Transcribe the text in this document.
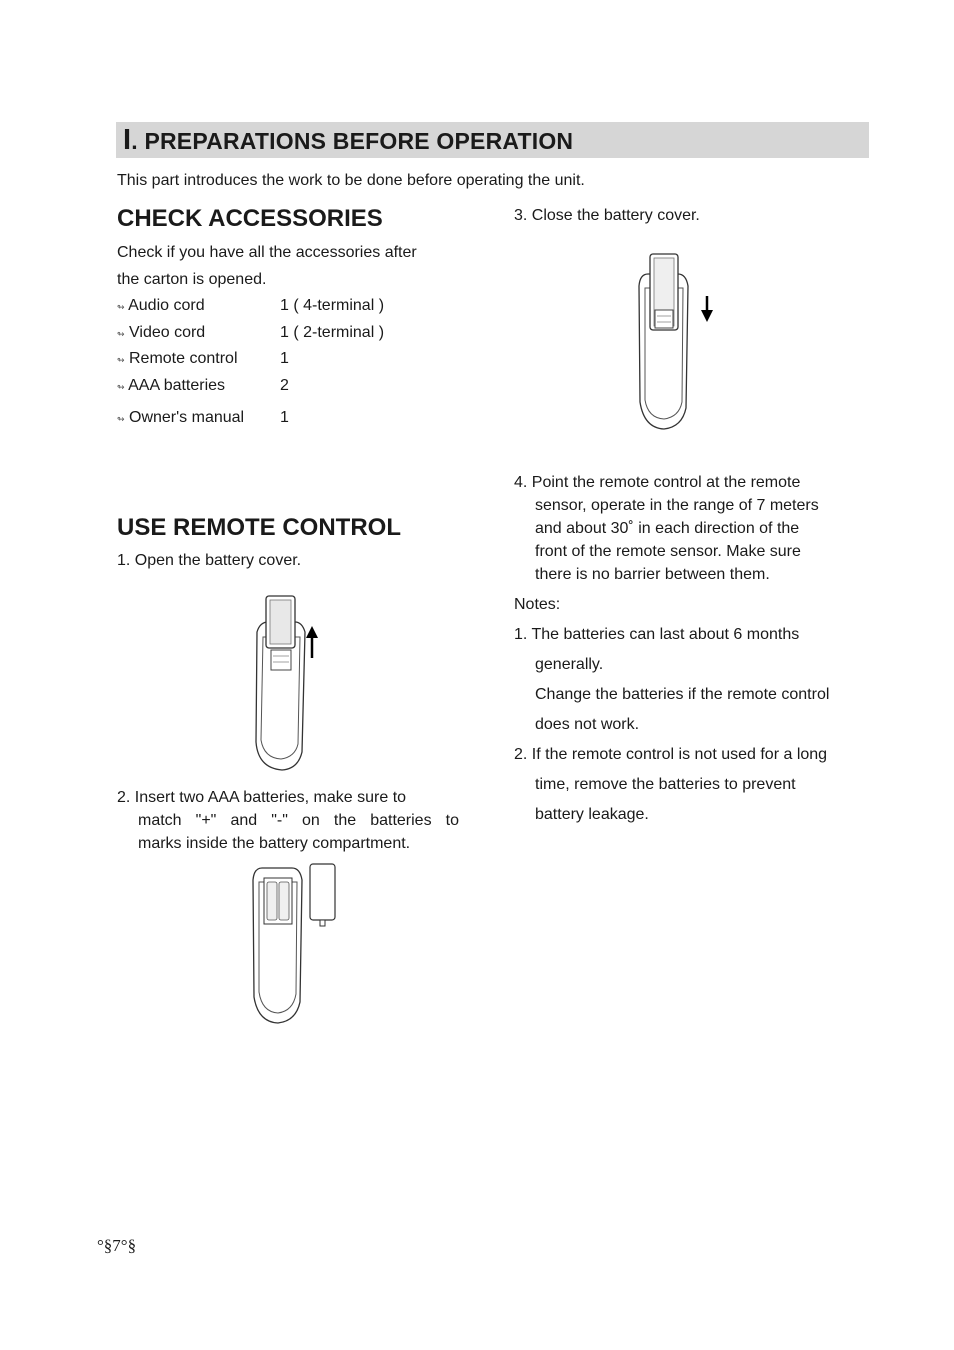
I. PREPARATIONS BEFORE OPERATION
This part introduces the work to be done before operating the unit.
CHECK ACCESSORIES
Check if you have all the accessories after
the carton is opened.
↬ Audio cord	1 ( 4-terminal )
↬ Video cord	1 ( 2-terminal )
↬ Remote control	1
↬ AAA batteries	2
↬ Owner's manual 1
USE REMOTE CONTROL
1. Open the battery cover.
2. Insert two AAA batteries, make sure to
match "+" and "-" on the batteries to
marks inside the battery compartment.
3. Close the battery cover.
4. Point the remote control at the remote
sensor, operate in the range of 7 meters
and about 30˚ in each direction of the
front of the remote sensor. Make sure
there is no barrier between them.
Notes:
1. The batteries can last about 6 months
generally.
Change the batteries if the remote control
does not work.
2. If the remote control is not used for a long
time, remove the batteries to prevent
battery leakage.
°§7°§
